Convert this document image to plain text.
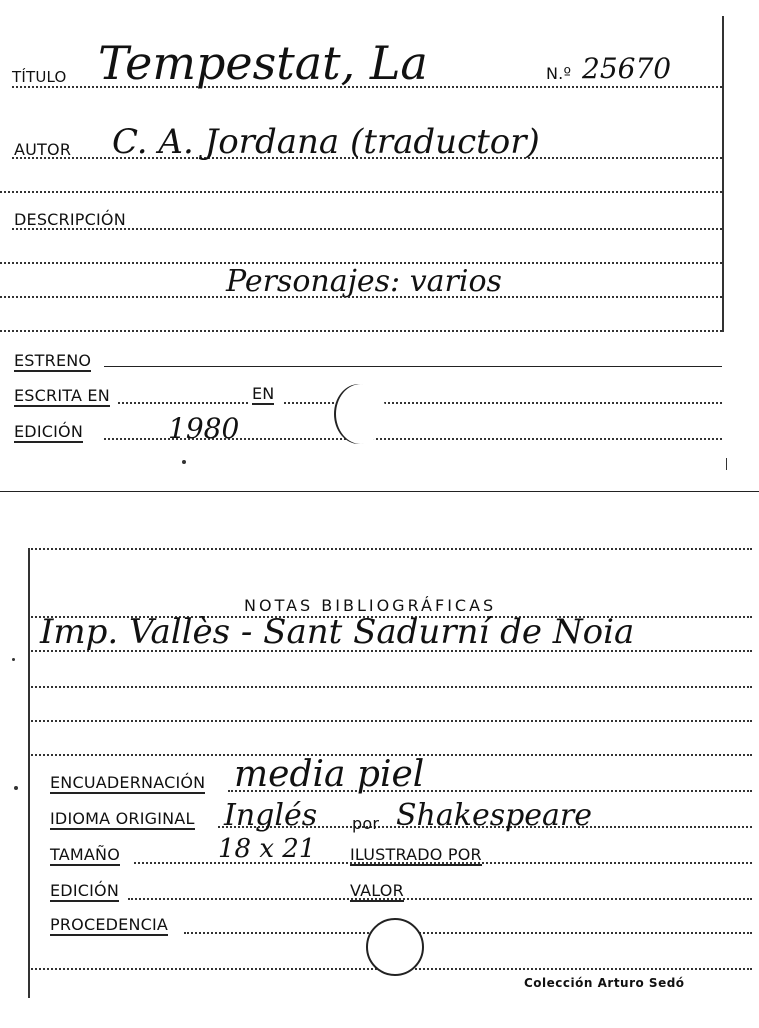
TÍTULO Tempestat, La	N.º 25670
AUTOR C. A. Jordana (traductor)
DESCRIPCIÓN
Personajes: varios
ESTRENO
ESCRITA EN	EN
EDICIÓN	1980
NOTAS BIBLIOGRÁFICAS
Imp. Vallès - Sant Sadurní de Noia
ENCUADERNACIÓN media piel
IDIOMA ORIGINAL Inglés por Shakespeare
TAMAÑO	18 x 21 ILUSTRADO POR
EDICIÓN	VALOR
PROCEDENCIA
Colección Arturo Sedó
